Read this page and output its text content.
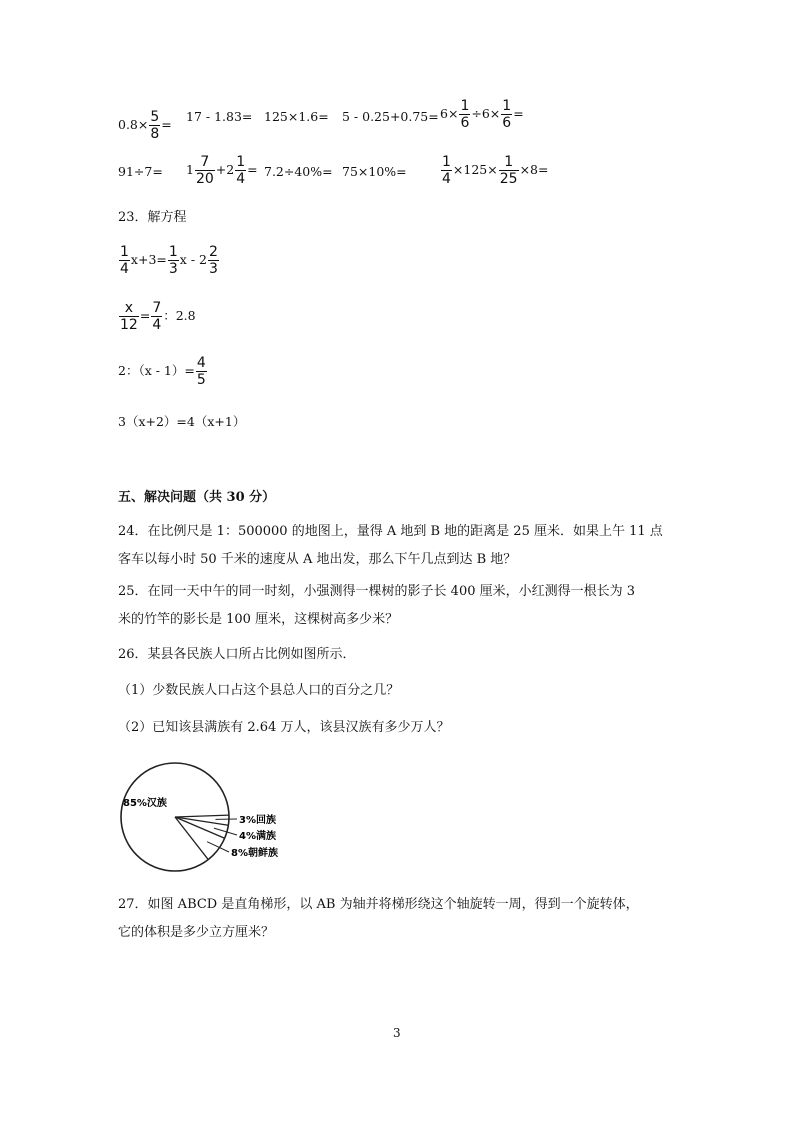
$0.8\times \frac{5}{8}$ =
$17 - 1.83= 125\times 1.6= 5 - 0.25+0.75= 6\times \frac{1}{6} \div 6\times \frac{1}{6}$ =
$91\div 7= 1 \frac{7}{20} +2 \frac{1}{4} = 7.2\div 40\%= 75\times 10\%= \frac{1}{4} \times 125\times \frac{1}{25} \times 8=$
23．解方程
$\frac{1}{4} x+3= \frac{1}{3}$ x - $2 \frac{2}{3}$
$\frac{x}{12} = \frac{7}{4}$ ：2.8
2：$(x - 1)= \frac{4}{5}$
3（x+2）=4（x+1）
五、解决问题（共 30 分）
24．在比例尺是 1：500000 的地图上，量得 A 地到 B 地的距离是 25 厘米．如果上午 11 点
客车以每小时 50 千米的速度从 A 地出发，那么下午几点到达 B 地？
25．在同一天中午的同一时刻，小强测得一棵树的影子长 400 厘米，小红测得一根长为 3
米的竹竿的影长是 100 厘米，这棵树高多少米？
26．某县各民族人口所占比例如图所示．
（1）少数民族人口占这个县总人口的百分之几？
（2）已知该县满族有 2.64 万人，该县汉族有多少万人？
85%汉族
3%回族
4%满族
8%朝鲜族
27．如图 ABCD 是直角梯形，以 AB 为轴并将梯形绕这个轴旋转一周，得到一个旋转体，
它的体积是多少立方厘米？
3
